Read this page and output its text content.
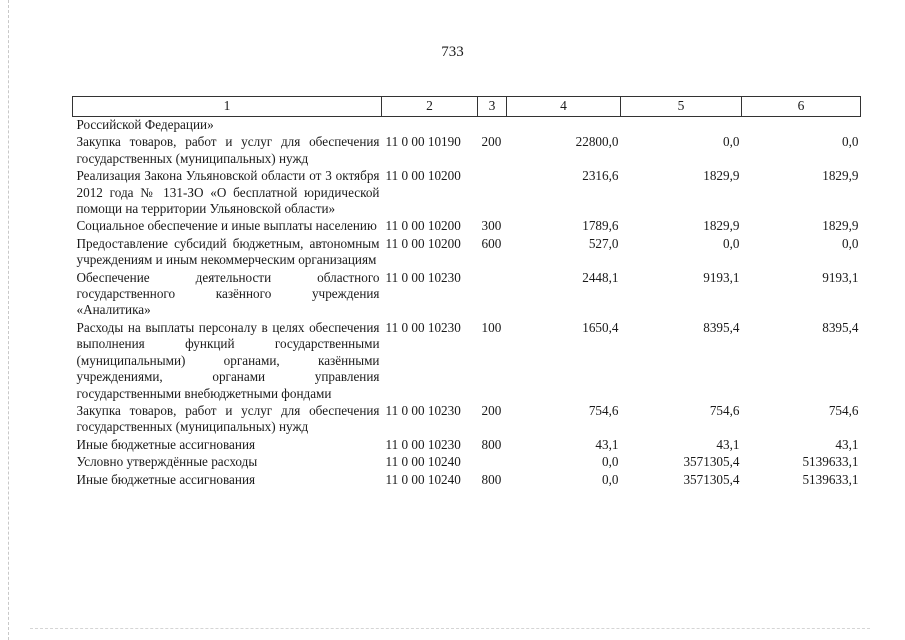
733
1	2	3	4	5	6
Российской Федерации»					
Закупка товаров, работ и услуг для обеспечения государственных (муниципальных) нужд	11 0 00 10190	200	22800,0	0,0	0,0
Реализация Закона Ульяновской области от 3 октября 2012 года № 131-ЗО «О бесплатной юридической помощи на территории Ульяновской области»	11 0 00 10200		2316,6	1829,9	1829,9
Социальное обеспечение и иные выплаты населению	11 0 00 10200	300	1789,6	1829,9	1829,9
Предоставление субсидий бюджетным, автономным учреждениям и иным некоммерческим организациям	11 0 00 10200	600	527,0	0,0	0,0
Обеспечение деятельности областного государственного казённого учреждения «Аналитика»	11 0 00 10230		2448,1	9193,1	9193,1
Расходы на выплаты персоналу в целях обеспечения выполнения функций государственными (муниципальными) органами, казёнными учреждениями, органами управления государственными внебюджетными фондами	11 0 00 10230	100	1650,4	8395,4	8395,4
Закупка товаров, работ и услуг для обеспечения государственных (муниципальных) нужд	11 0 00 10230	200	754,6	754,6	754,6
Иные бюджетные ассигнования	11 0 00 10230	800	43,1	43,1	43,1
Условно утверждённые расходы	11 0 00 10240		0,0	3571305,4	5139633,1
Иные бюджетные ассигнования	11 0 00 10240	800	0,0	3571305,4	5139633,1
